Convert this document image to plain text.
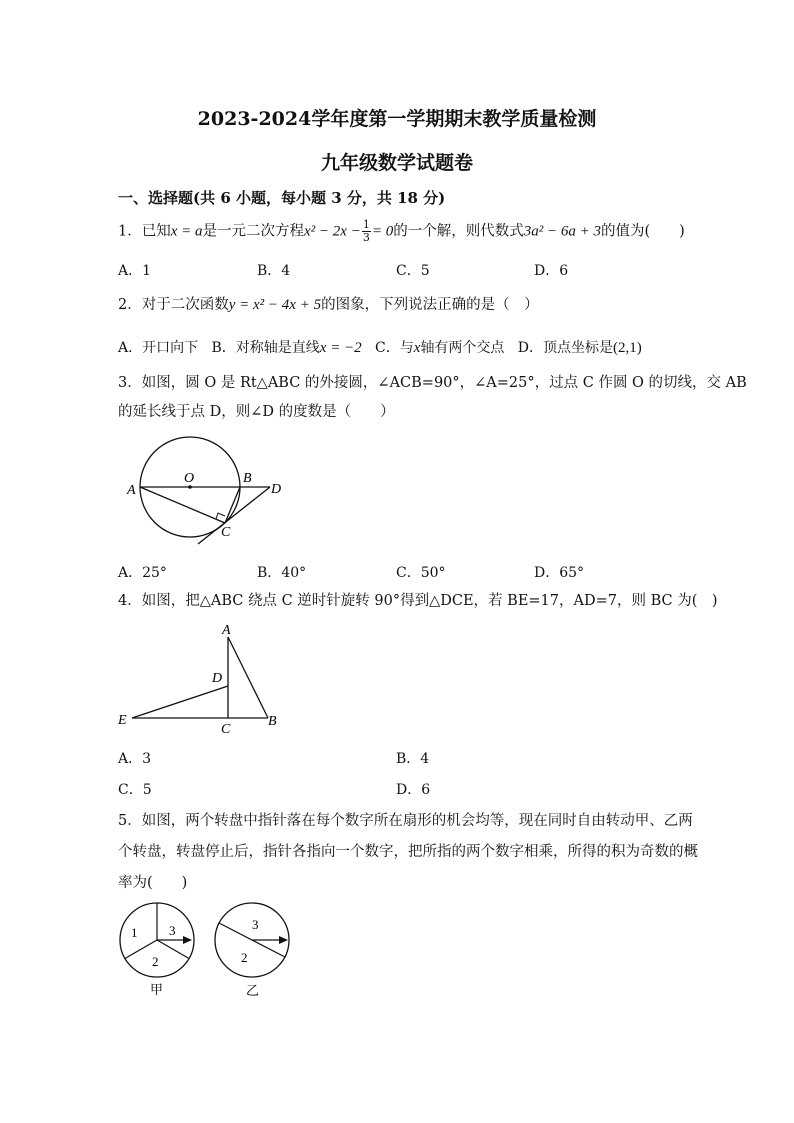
2023-2024学年度第一学期期末教学质量检测
九年级数学试题卷
一、选择题(共 6 小题，每小题 3 分，共 18 分)
1．已知x = a是一元二次方程$x^2 - 2x - \frac{1}{3} = 0$的一个解，则代数式3a² − 6a + 3的值为(　　)
A．1	B．4	C．5	D．6
2．对于二次函数y = x² − 4x + 5的图象，下列说法正确的是（　）
A．开口向下 B．对称轴是直线x = −2 C．与x轴有两个交点 D．顶点坐标是(2,1)
3．如图，圆 O 是 Rt△ABC 的外接圆，∠ACB=90°，∠A=25°，过点 C 作圆 O 的切线，交 AB
的延长线于点 D，则∠D 的度数是（　　）
A
O	B
D
C
A．25°	B．40°	C．50°	D．65°
4．如图，把△ABC 绕点 C 逆时针旋转 90°得到△DCE，若 BE=17，AD=7，则 BC 为(　)
A
D
E
C
B
A．3	B．4
C．5	D．6
5．如图，两个转盘中指针落在每个数字所在扇形的机会均等，现在同时自由转动甲、乙两
个转盘，转盘停止后，指针各指向一个数字，把所指的两个数字相乘，所得的积为奇数的概
率为(　　)
1 3
2
甲
3
2
乙
